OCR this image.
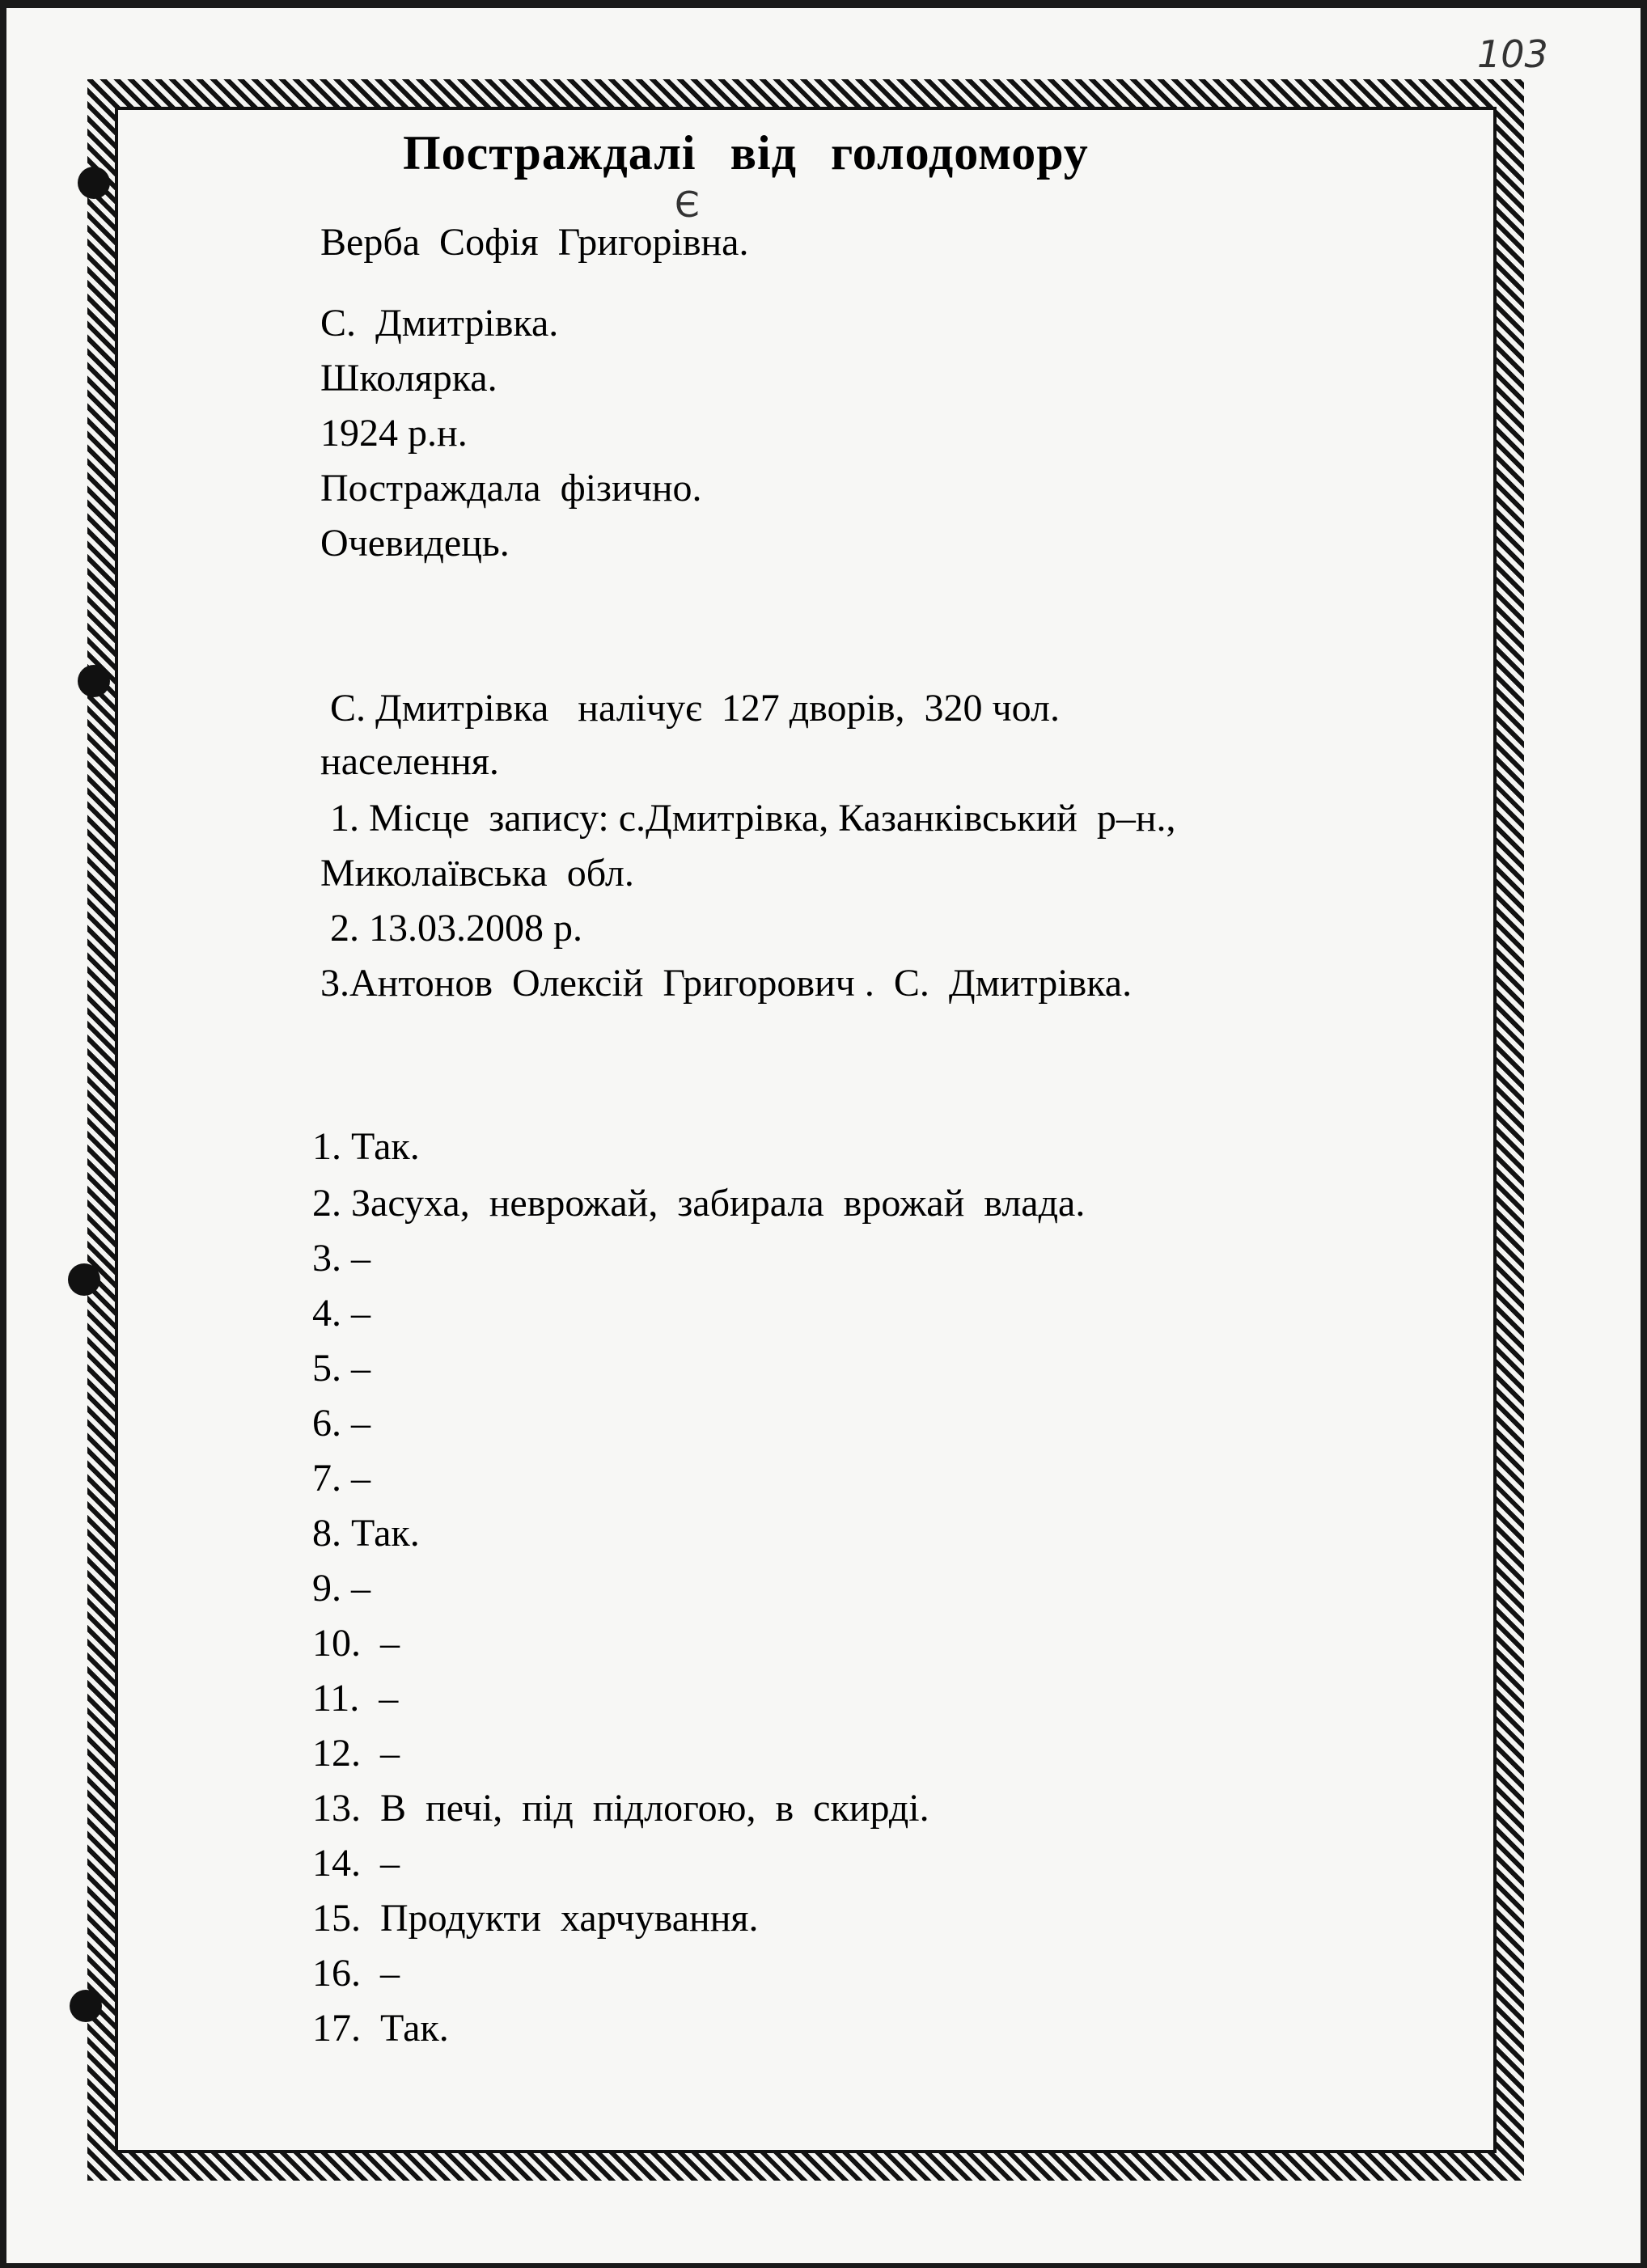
103
Постраждалі від голодомору
Є
Верба  Софія  Григорівна.
С.  Дмитрівка.
Школярка.
1924 р.н.
Постраждала  фізично.
Очевидець.
С. Дмитрівка   налічує  127 дворів,  320 чол.
населення.
1. Місце  запису: с.Дмитрівка, Казанківський  р–н.,
Миколаївська  обл.
2. 13.03.2008 р.
3.Антонов  Олексій  Григорович .  С.  Дмитрівка.
1. Так.
2. Засуха,  неврожай,  забирала  врожай  влада.
3. –
4. –
5. –
6. –
7. –
8. Так.
9. –
10.  –
11.  –
12.  –
13.  В  печі,  під  підлогою,  в  скирді.
14.  –
15.  Продукти  харчування.
16.  –
17.  Так.
